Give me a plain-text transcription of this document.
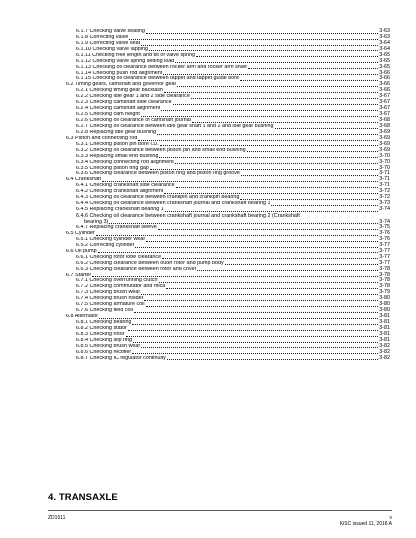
6.1.7 Checking valve seating	3-63
6.1.8 Correcting valve	3-63
6.1.9 Correcting valve seat	3-64
6.1.10 Checking valve lapping	3-64
6.1.11 Checking free length and tilt of valve spring	3-65
6.1.12 Checking valve spring setting load	3-65
6.1.13 Checking oil clearance between rocker arm and rocker arm shaft	3-65
6.1.14 Checking push rod alignment	3-66
6.1.15 Checking oil clearance between tappet and tappet guide bore	3-66
6.2 Timing gears, camshaft and governor gear	3-66
6.2.1 Checking timing gear backlash	3-66
6.2.2 Checking idle gear 1 and 2 side clearance	3-67
6.2.3 Checking camshaft side clearance	3-67
6.2.4 Checking camshaft alignment	3-67
6.2.5 Checking cam height	3-67
6.2.6 Checking oil clearance of camshaft journal	3-68
6.2.7 Checking oil clearance between idle gear shaft 1 and 2 and idle gear bushing	3-68
6.2.8 Replacing idle gear bushing	3-69
6.3 Piston and connecting rod	3-69
6.3.1 Checking piston pin bore I.D.	3-69
6.3.2 Checking oil clearance between piston pin and small end bushing	3-69
6.3.3 Replacing small end bushing	3-70
6.3.4 Checking connecting rod alignment	3-70
6.3.5 Checking piston ring gap	3-70
6.3.6 Checking clearance between piston ring and piston ring groove	3-71
6.4 Crankshaft	3-71
6.4.1 Checking crankshaft side clearance	3-71
6.4.2 Checking crankshaft alignment	3-72
6.4.3 Checking oil clearance between crankpin and crankpin bearing	3-72
6.4.4 Checking oil clearance between crankshaft journal and crankshaft bearing 1	3-73
6.4.5 Replacing crankshaft bearing 1	3-74
6.4.6 Checking oil clearance between crankshaft journal and crankshaft bearing 2 (Crankshaft
bearing 3)	3-74
6.4.7 Replacing crankshaft sleeve	3-75
6.5 Cylinder	3-76
6.5.1 Checking cylinder wear	3-76
6.5.2 Correcting cylinder	3-77
6.6 Oil pump	3-77
6.6.1 Checking rotor lobe clearance	3-77
6.6.2 Checking clearance between outer rotor and pump body	3-77
6.6.3 Checking clearance between rotor and cover	3-78
6.7 Starter	3-78
6.7.1 Checking overrunning clutch	3-78
6.7.2 Checking commutator and mica	3-78
6.7.3 Checking brush wear	3-79
6.7.4 Checking brush holder	3-80
6.7.5 Checking armature coil	3-80
6.7.6 Checking field coil	3-80
6.8 Alternator	3-81
6.8.1 Checking bearing	3-81
6.8.2 Checking stator	3-81
6.8.3 Checking rotor	3-81
6.8.4 Checking slip ring	3-81
6.8.5 Checking brush wear	3-82
6.8.6 Checking rectifier	3-82
6.8.7 Checking IC regulator continuity	3-82
4. TRANSAXLE
ZD1511	v
KiSC issued 11, 2016 A
